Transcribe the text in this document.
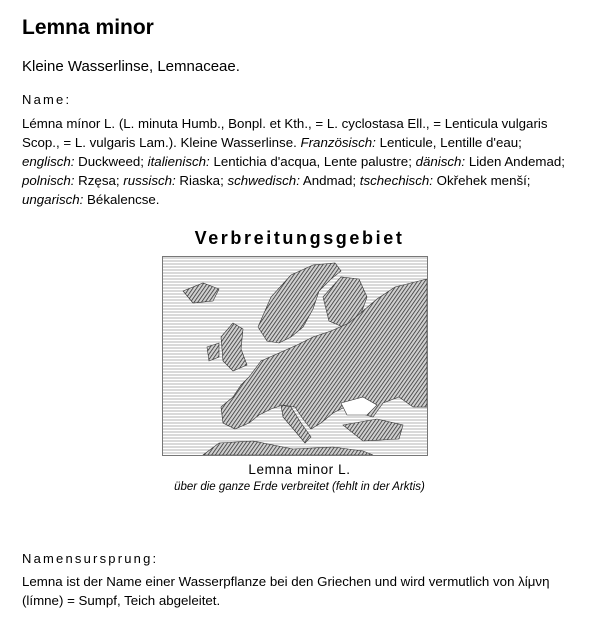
Lemna minor
Kleine Wasserlinse, Lemnaceae.
Name:
Lémna mínor L. (L. minuta Humb., Bonpl. et Kth., = L. cyclostasa Ell., = Lenticula vulgaris Scop., = L. vulgaris Lam.). Kleine Wasserlinse. Französisch: Lenticule, Lentille d'eau; englisch: Duckweed; italienisch: Lentichia d'acqua, Lente palustre; dänisch: Liden Andemad; polnisch: Rzęsa; russisch: Riaska; schwedisch: Andmad; tschechisch: Okřehek menší; ungarisch: Békalencse.
Verbreitungsgebiet
Lemna minor L.
über die ganze Erde verbreitet (fehlt in der Arktis)
Namensursprung:
Lemna ist der Name einer Wasserpflanze bei den Griechen und wird vermutlich von λίμνη (límne) = Sumpf, Teich abgeleitet.
